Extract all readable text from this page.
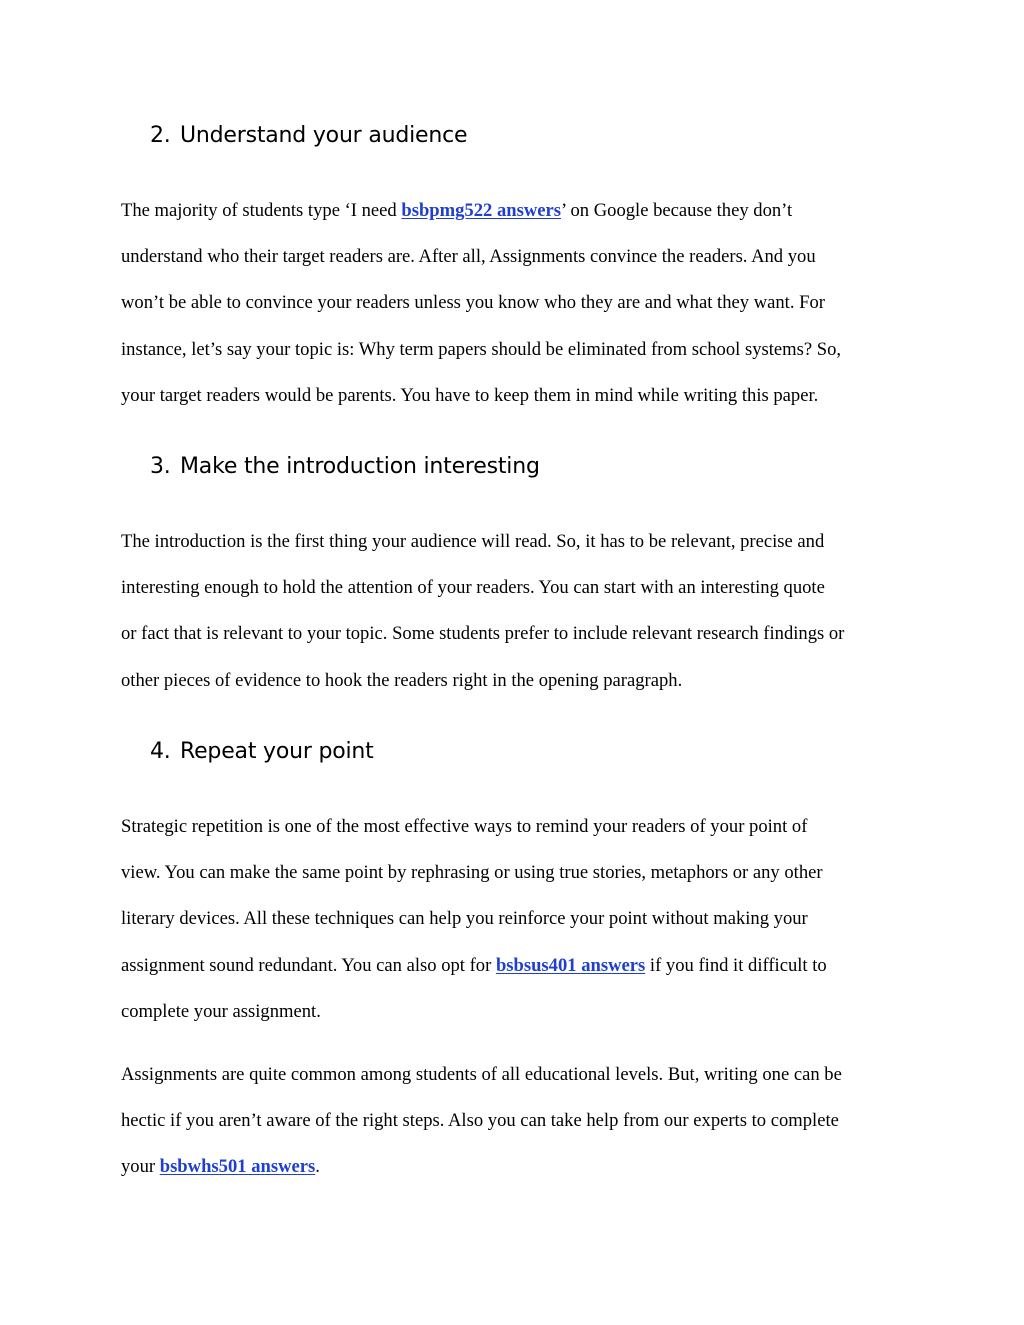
2. Understand your audience
The majority of students type ‘I need bsbpmg522 answers’ on Google because they don’t
understand who their target readers are. After all, Assignments convince the readers. And you
won’t be able to convince your readers unless you know who they are and what they want. For
instance, let’s say your topic is: Why term papers should be eliminated from school systems? So,
your target readers would be parents. You have to keep them in mind while writing this paper.
3. Make the introduction interesting
The introduction is the first thing your audience will read. So, it has to be relevant, precise and
interesting enough to hold the attention of your readers. You can start with an interesting quote
or fact that is relevant to your topic. Some students prefer to include relevant research findings or
other pieces of evidence to hook the readers right in the opening paragraph.
4. Repeat your point
Strategic repetition is one of the most effective ways to remind your readers of your point of
view. You can make the same point by rephrasing or using true stories, metaphors or any other
literary devices. All these techniques can help you reinforce your point without making your
assignment sound redundant. You can also opt for bsbsus401 answers if you find it difficult to
complete your assignment.
Assignments are quite common among students of all educational levels. But, writing one can be
hectic if you aren’t aware of the right steps. Also you can take help from our experts to complete
your bsbwhs501 answers.
